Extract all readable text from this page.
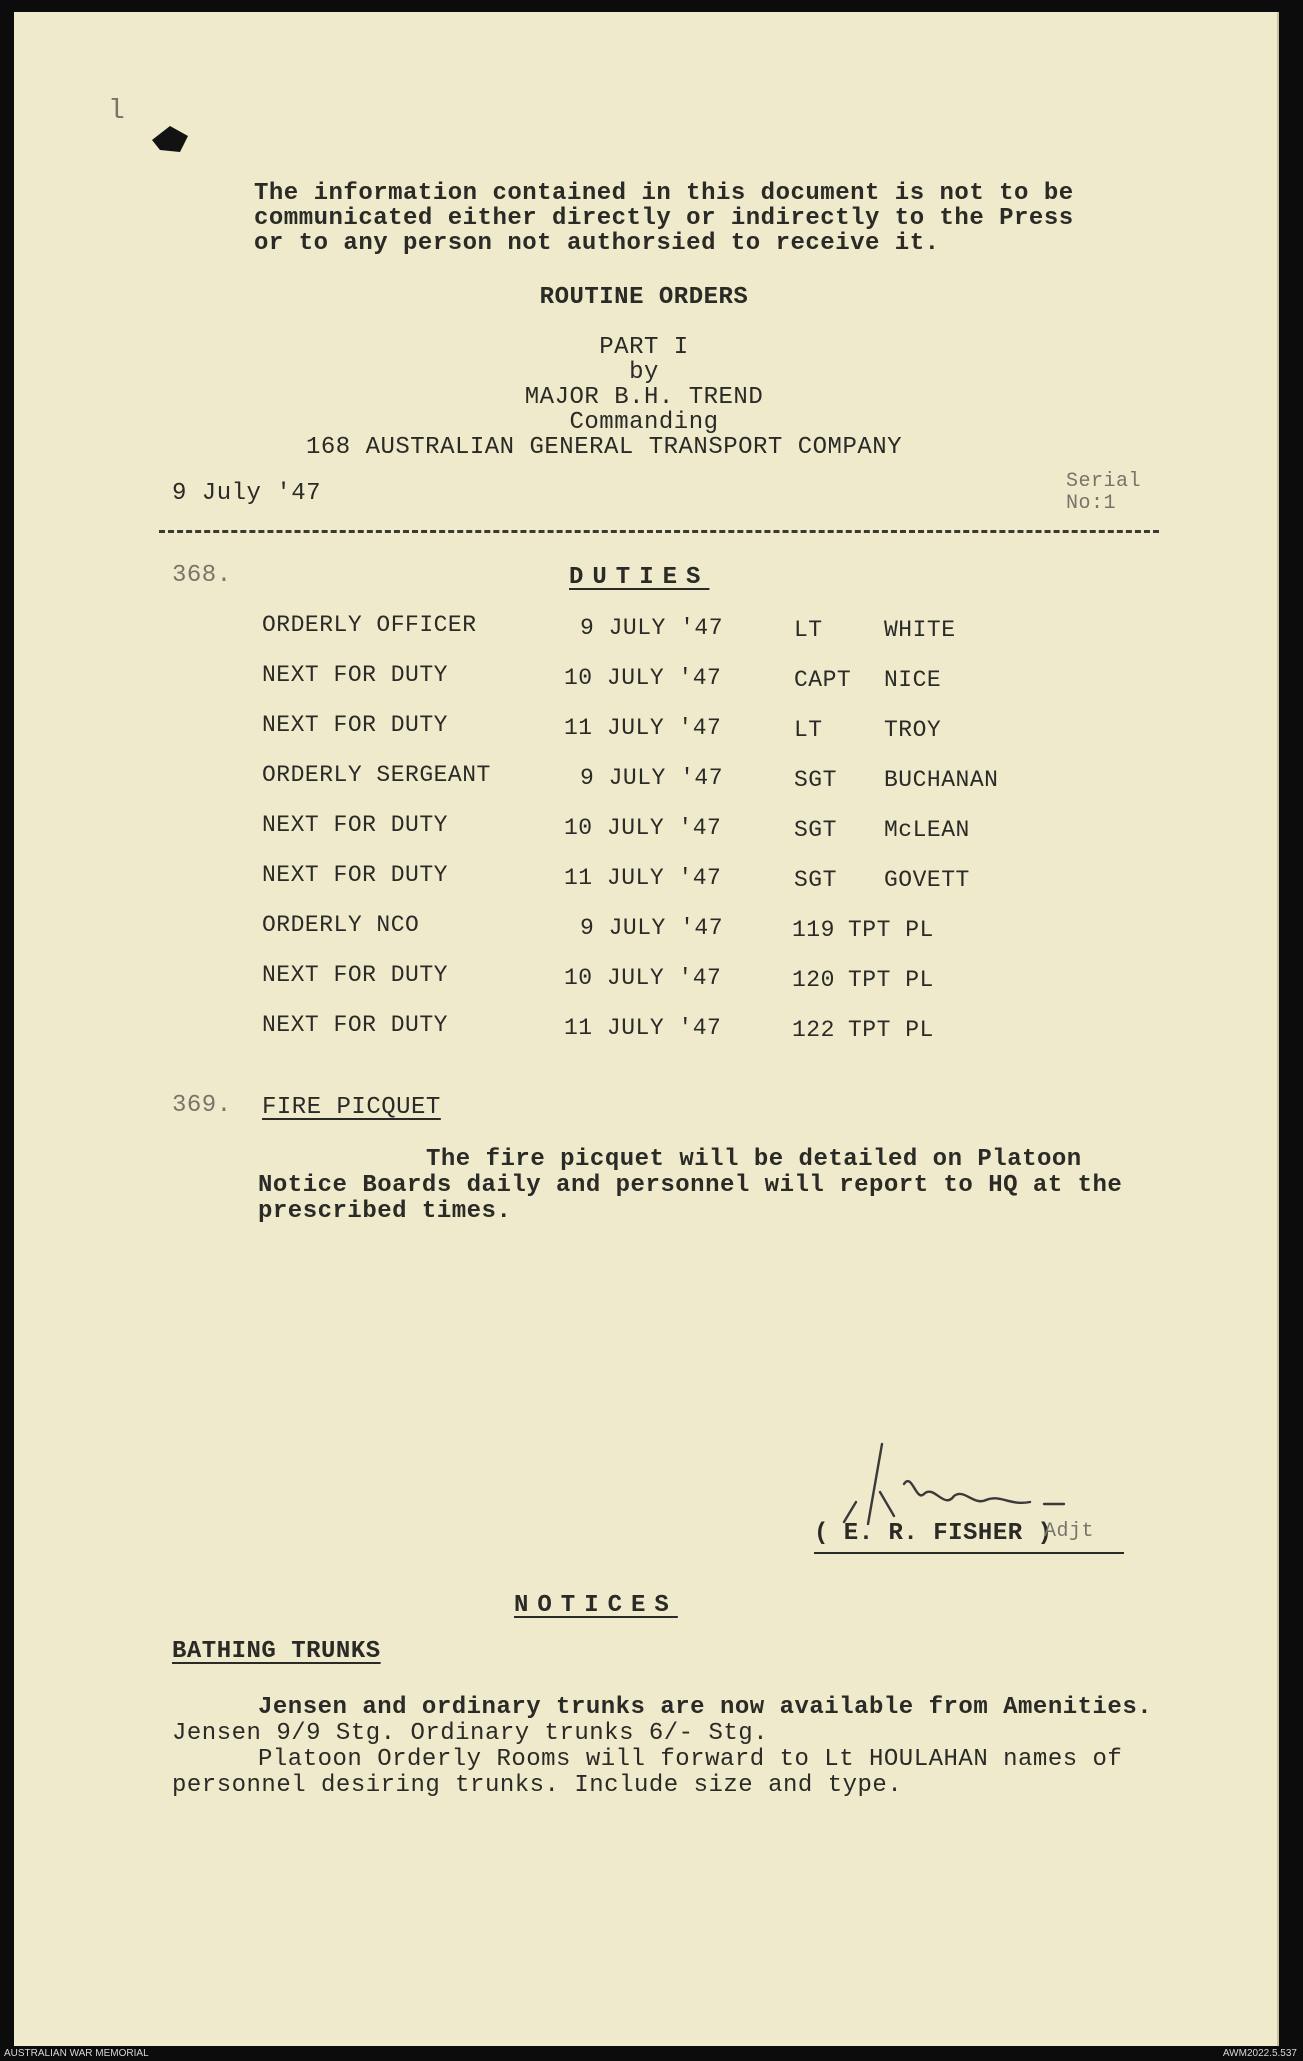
l
The information contained in this document is not to be
communicated either directly or indirectly to the Press
or to any person not authorsied to receive it.
ROUTINE ORDERS
PART I
by
MAJOR B.H. TREND
Commanding
168 AUSTRALIAN GENERAL TRANSPORT COMPANY
9 July '47	Serial
No:1
368.	DUTIES
ORDERLY OFFICER	9 JULY '47	LT	WHITE
NEXT FOR DUTY	10 JULY '47	CAPT NICE
NEXT FOR DUTY	11 JULY '47	LT	TROY
ORDERLY SERGEANT	9 JULY '47	SGT BUCHANAN
NEXT FOR DUTY	10 JULY '47	SGT McLEAN
NEXT FOR DUTY	11 JULY '47	SGT GOVETT
ORDERLY NCO	9 JULY '47	119 TPT PL
NEXT FOR DUTY	10 JULY '47	120 TPT PL
NEXT FOR DUTY	11 JULY '47	122 TPT PL
369. FIRE PICQUET
The fire picquet will be detailed on Platoon
Notice Boards daily and personnel will report to HQ at the
prescribed times.
( E. R. FISHER )
Adjt
NOTICES
BATHING TRUNKS
Jensen and ordinary trunks are now available from Amenities.
Jensen 9/9 Stg. Ordinary trunks 6/- Stg.
Platoon Orderly Rooms will forward to Lt HOULAHAN names of
personnel desiring trunks. Include size and type.
AUSTRALIAN WAR MEMORIAL	AWM2022.5.537
